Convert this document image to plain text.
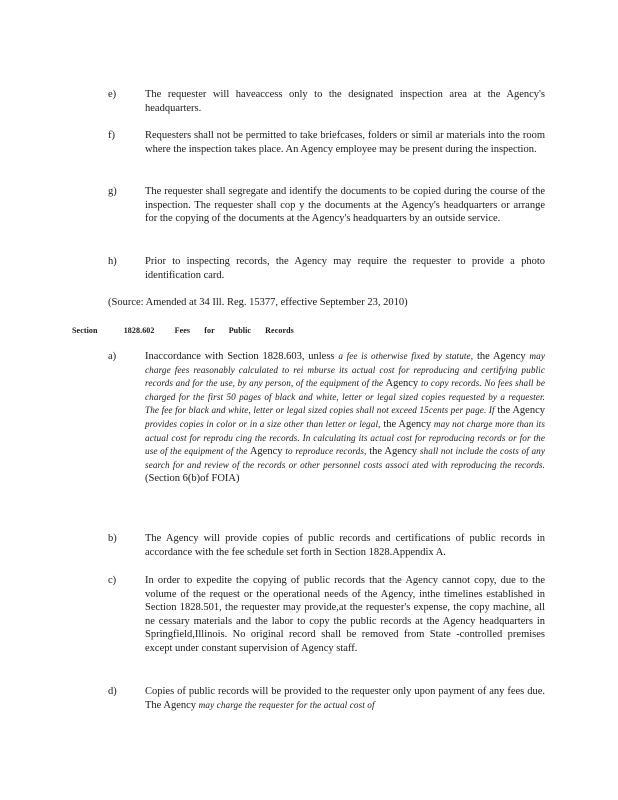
e)	The requester will haveaccess only to the designated inspection area at the Agency's headquarters.
f)	Requesters shall not be permitted to take briefcases, folders or simil ar materials into the room where the inspection takes place. An Agency employee may be present during the inspection.
g)	The requester shall segregate and identify the documents to be copied during the course of the inspection. The requester shall cop y the documents at the Agency's headquarters or arrange for the copying of the documents at the Agency's headquarters by an outside service.
h)	Prior to inspecting records, the Agency may require the requester to provide a photo identification card.
(Source: Amended at 34 Ill. Reg. 15377, effective September 23, 2010)
Section	1828.602	Fees for Public Records
a)	Inaccordance with Section 1828.603, unless a fee is otherwise fixed by statute, the Agency may charge fees reasonably calculated to rei mburse its actual cost for reproducing and certifying public records and for the use, by any person, of the equipment of the Agency to copy records. No fees shall be charged for the first 50 pages of black and white, letter or legal sized copies requested by a requester. The fee for black and white, letter or legal sized copies shall not exceed 15cents per page. If the Agency provides copies in color or in a size other than letter or legal, the Agency may not charge more than its actual cost for reprodu cing the records. In calculating its actual cost for reproducing records or for the use of the equipment of the Agency to reproduce records, the Agency shall not include the costs of any search for and review of the records or other personnel costs associ ated with reproducing the records. (Section 6(b)of FOIA)
b)	The Agency will provide copies of public records and certifications of public records in accordance with the fee schedule set forth in Section 1828.Appendix A.
c)	In order to expedite the copying of public records that the Agency cannot copy, due to the volume of the request or the operational needs of the Agency, inthe timelines established in Section 1828.501, the requester may provide,at the requester's expense, the copy machine, all ne cessary materials and the labor to copy the public records at the Agency headquarters in Springfield,Illinois. No original record shall be removed from State -controlled premises except under constant supervision of Agency staff.
d)	Copies of public records will be provided to the requester only upon payment of any fees due. The Agency may charge the requester for the actual cost of
